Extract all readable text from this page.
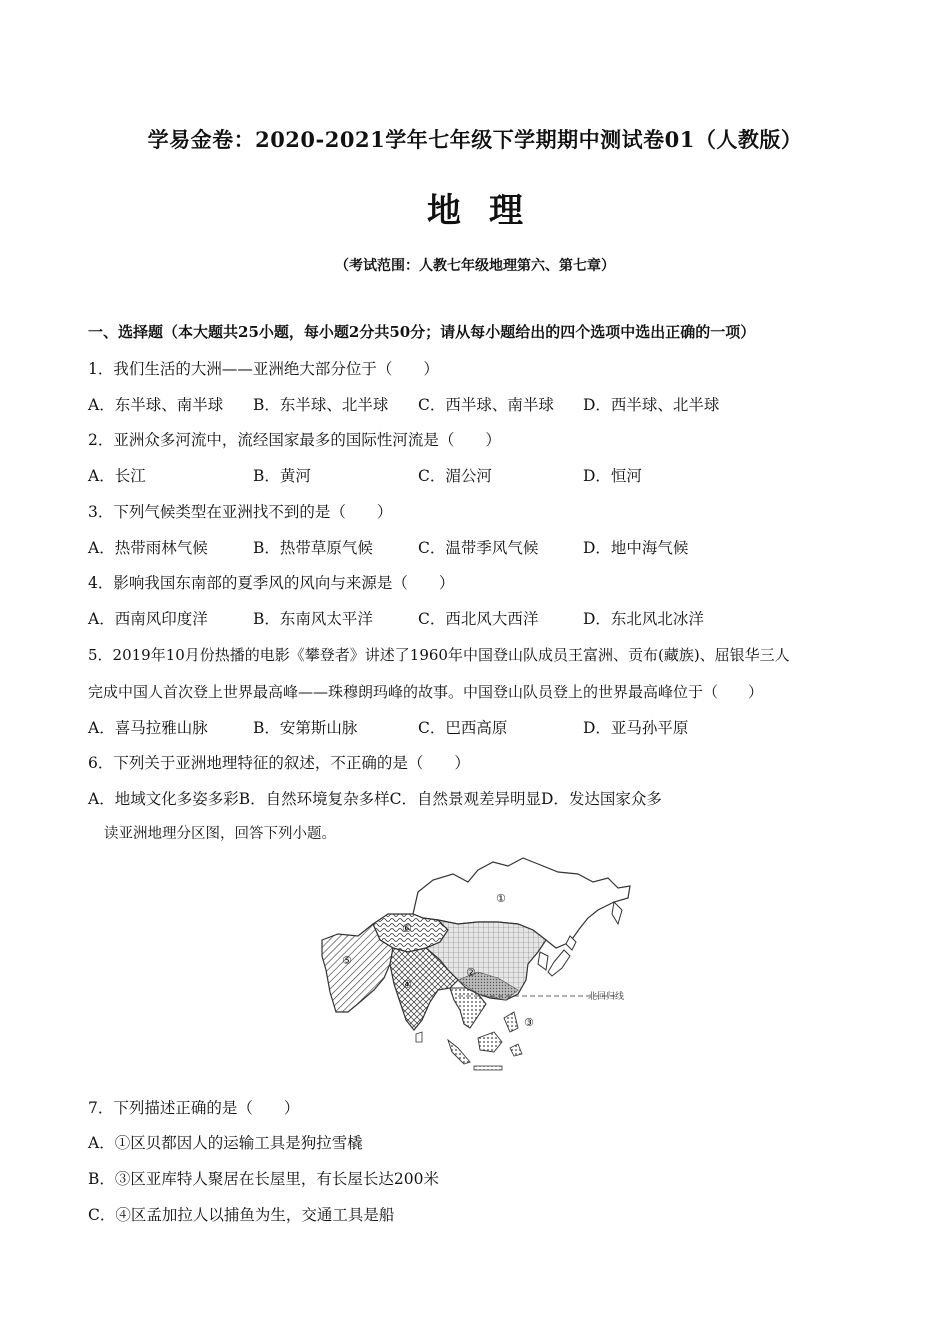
学易金卷：2020-2021学年七年级下学期期中测试卷01（人教版）
地理
（考试范围：人教七年级地理第六、第七章）
一、选择题（本大题共25小题，每小题2分共50分；请从每小题给出的四个选项中选出正确的一项）
1．我们生活的大洲——亚洲绝大部分位于（　　）
A．东半球、南半球 B．东半球、北半球 C．西半球、南半球 D．西半球、北半球
2．亚洲众多河流中，流经国家最多的国际性河流是（　　）
A．长江	B．黄河	C．湄公河	D．恒河
3．下列气候类型在亚洲找不到的是（　　）
A．热带雨林气候	B．热带草原气候	C．温带季风气候	D．地中海气候
4．影响我国东南部的夏季风的风向与来源是（　　）
A．西南风印度洋	B．东南风太平洋	C．西北风大西洋	D．东北风北冰洋
5．2019年10月份热播的电影《攀登者》讲述了1960年中国登山队成员王富洲、贡布(藏族)、屈银华三人
完成中国人首次登上世界最高峰——珠穆朗玛峰的故事。中国登山队员登上的世界最高峰位于（　　）
A．喜马拉雅山脉	B．安第斯山脉	C．巴西高原	D．亚马孙平原
6．下列关于亚洲地理特征的叙述，不正确的是（　　）
A．地域文化多姿多彩B．自然环境复杂多样C．自然景观差异明显D．发达国家众多
读亚洲地理分区图，回答下列小题。
北回归线
①
②
③
④
⑤
⑥
7．下列描述正确的是（　　）
A．①区贝都因人的运输工具是狗拉雪橇
B．③区亚库特人聚居在长屋里，有长屋长达200米
C．④区孟加拉人以捕鱼为生，交通工具是船
